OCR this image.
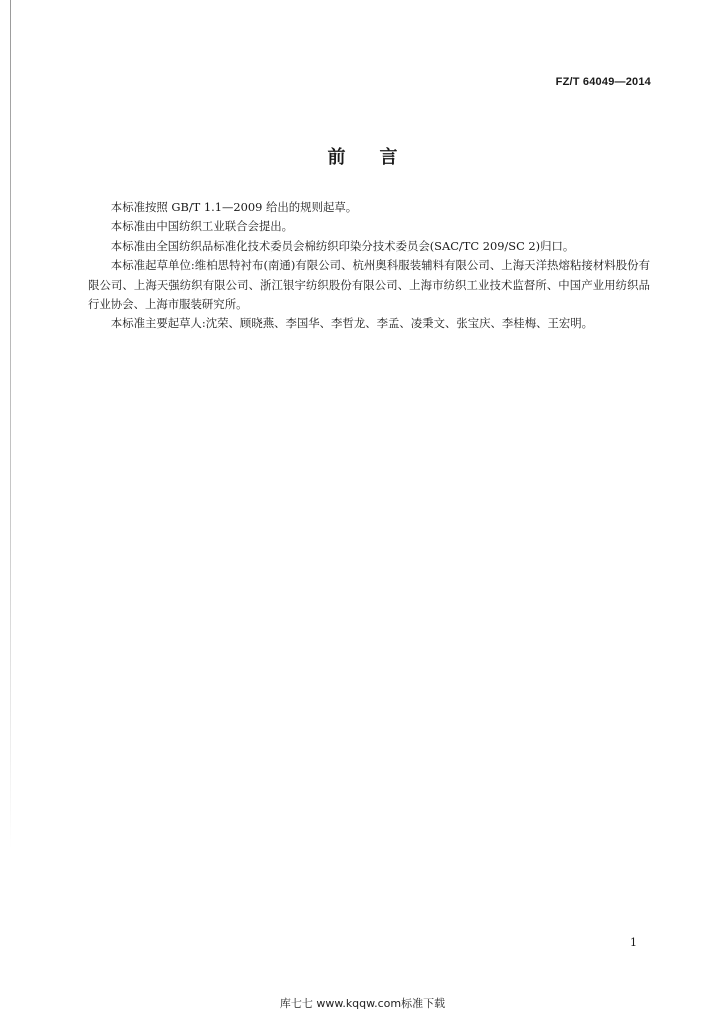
FZ/T 64049—2014
前言

本标准按照 GB/T 1.1—2009 给出的规则起草。

本标准由中国纺织工业联合会提出。

本标准由全国纺织品标准化技术委员会棉纺织印染分技术委员会(SAC/TC 209/SC 2)归口。

本标准起草单位:维柏思特衬布(南通)有限公司、杭州奥科服装辅料有限公司、上海天洋热熔粘接材料股份有限公司、上海天强纺织有限公司、浙江银宇纺织股份有限公司、上海市纺织工业技术监督所、中国产业用纺织品行业协会、上海市服装研究所。

本标准主要起草人:沈荣、顾晓燕、李国华、李哲龙、李孟、凌秉文、张宝庆、李桂梅、王宏明。

1
库七七 www.kqqw.com标准下载
